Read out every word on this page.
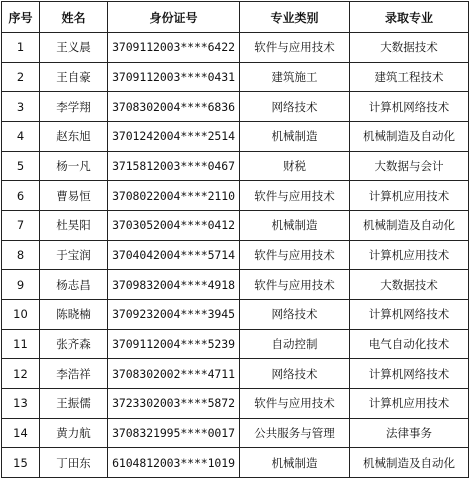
序号	姓名	身份证号	专业类别	录取专业
1	王义晨	3709112003****6422	软件与应用技术	大数据技术
2	王自豪	3709112003****0431	建筑施工	建筑工程技术
3	李学翔	3708302004****6836	网络技术	计算机网络技术
4	赵东旭	3701242004****2514	机械制造	机械制造及自动化
5	杨一凡	3715812003****0467	财税	大数据与会计
6	曹易恒	3708022004****2110	软件与应用技术	计算机应用技术
7	杜昊阳	3703052004****0412	机械制造	机械制造及自动化
8	于宝润	3704042004****5714	软件与应用技术	计算机应用技术
9	杨志昌	3709832004****4918	软件与应用技术	大数据技术
10	陈晓楠	3709232004****3945	网络技术	计算机网络技术
11	张齐森	3709112004****5239	自动控制	电气自动化技术
12	李浩祥	3708302002****4711	网络技术	计算机网络技术
13	王振儒	3723302003****5872	软件与应用技术	计算机应用技术
14	黄力航	3708321995****0017	公共服务与管理	法律事务
15	丁田东	6104812003****1019	机械制造	机械制造及自动化
